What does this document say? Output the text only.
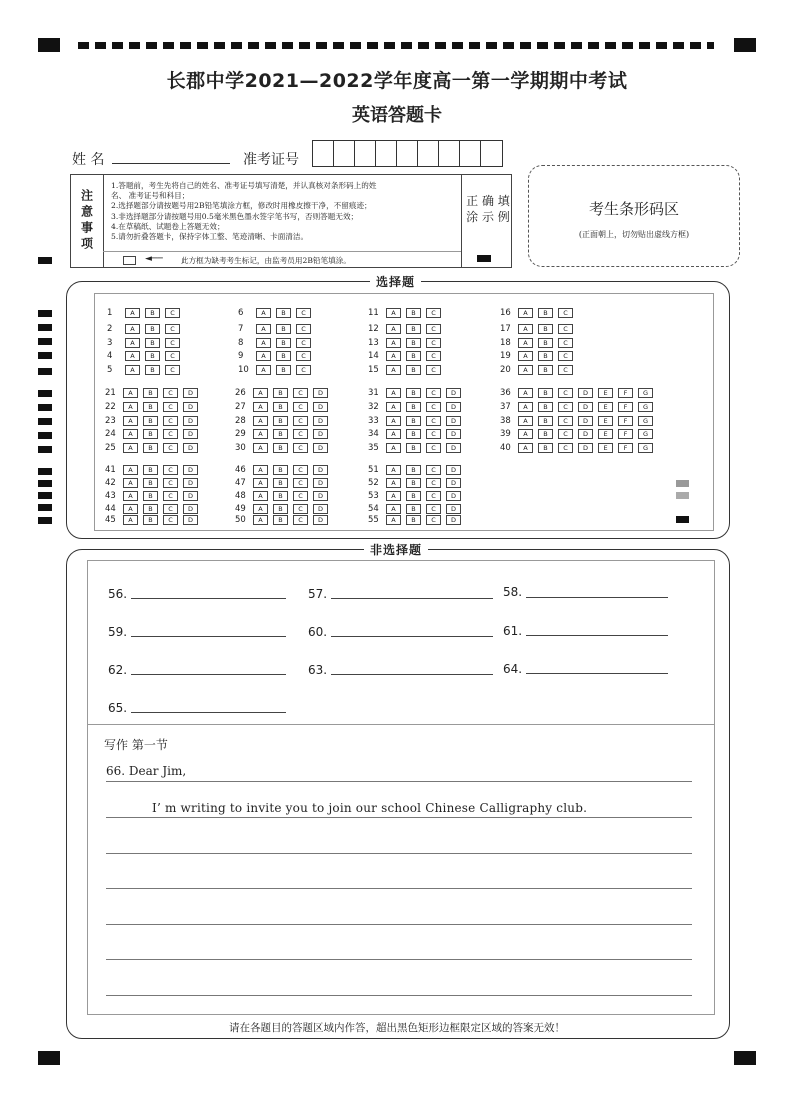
长郡中学2021—2022学年度高一第一学期期中考试
英语答题卡
姓 名	准考证号
注意事项
1.答题前，考生先将自己的姓名、准考证号填写清楚，并认真核对条形码上的姓
名、 准考证号和科目；
2.选择题部分请按题号用2B铅笔填涂方框，修改时用橡皮擦干净，不留痕迹；
3.非选择题部分请按题号用0.5毫米黑色墨水签字笔书写，否则答题无效；
4.在草稿纸、试题卷上答题无效；
5.请勿折叠答题卡，保持字体工整、笔迹清晰、卡面清洁。
◄── 此方框为缺考考生标记，由监考员用2B铅笔填涂。
正 确 填 涂 示 例	考生条形码区
(正面朝上，切勿贴出虚线方框)
选择题
1	A	B	C
2	A	B	C
3	A	B	C
4	A	B	C
5	A	B	C
6	A	B	C
7	A	B	C
8	A	B	C
9	A	B	C
10	A	B	C
11	A	B	C
12	A	B	C
13	A	B	C
14	A	B	C
15	A	B	C
16	A	B	C
17	A	B	C
18	A	B	C
19	A	B	C
20	A	B	C
21	A	B	C	D
22	A	B	C	D
23	A	B	C	D
24	A	B	C	D
25	A	B	C	D
26	A	B	C	D
27	A	B	C	D
28	A	B	C	D
29	A	B	C	D
30	A	B	C	D
31	A	B	C	D
32	A	B	C	D
33	A	B	C	D
34	A	B	C	D
35	A	B	C	D
36	A	B	C	D	E	F	G
37	A	B	C	D	E	F	G
38	A	B	C	D	E	F	G
39	A	B	C	D	E	F	G
40	A	B	C	D	E	F	G
41	A	B	C	D
42	A	B	C	D
43	A	B	C	D
44	A	B	C	D
45	A	B	C	D
46	A	B	C	D
47	A	B	C	D
48	A	B	C	D
49	A	B	C	D
50	A	B	C	D
51	A	B	C	D
52	A	B	C	D
53	A	B	C	D
54	A	B	C	D
55	A	B	C	D
非选择题
56.	57.	58.
59.	60.	61.
62.	63.	64.
65.
写作 第一节
66. Dear Jim,
I’ m writing to invite you to join our school Chinese Calligraphy club.
请在各题目的答题区域内作答，超出黑色矩形边框限定区域的答案无效！
